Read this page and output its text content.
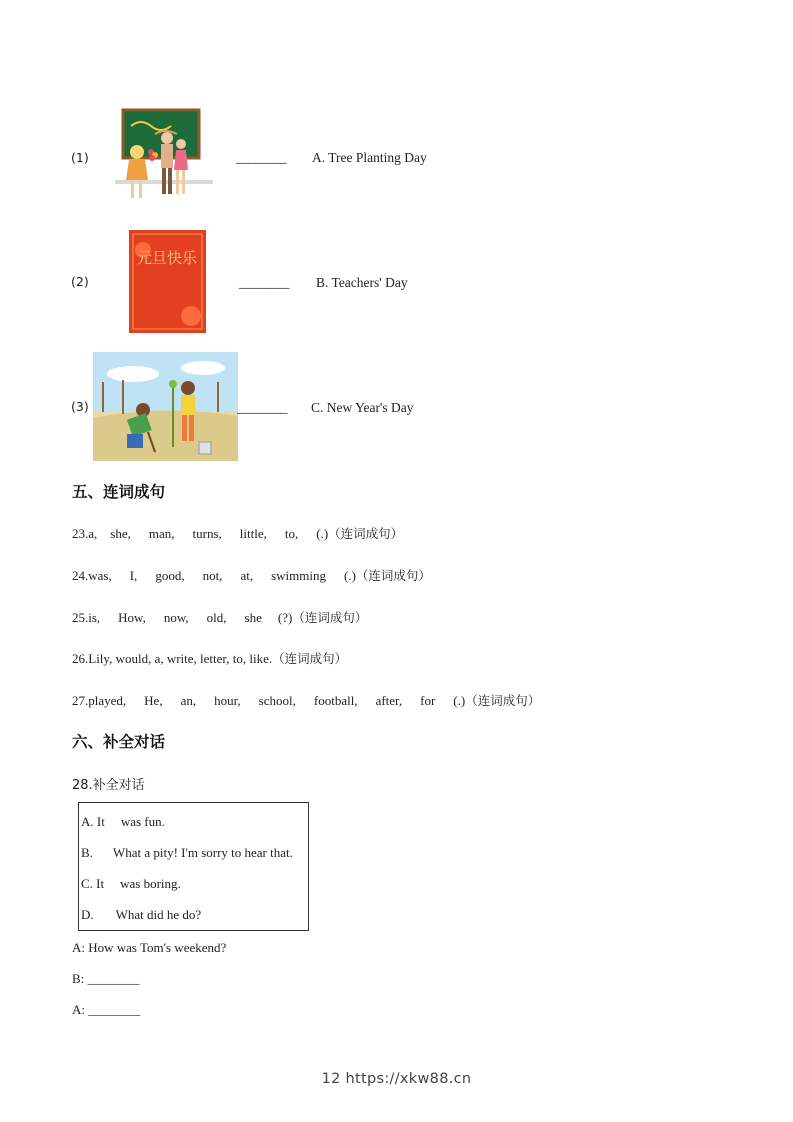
(1)	________ A. Tree Planting Day
(2)
元旦快乐
________ B. Teachers' Day
(3)	________ C. New Year's Day
五、连词成句
23.a, she, man, turns, little, to, (.)（连词成句）
24.was, I, good, not, at, swimming (.)（连词成句）
25.is, How, now, old, she (?)（连词成句）
26.Lily, would, a, write, letter, to, like.（连词成句）
27.played, He, an, hour, school, football, after, for (.)（连词成句）
六、补全对话
28.补全对话
A. It was fun.
B. What a pity! I'm sorry to hear that.
C. It was boring.
D. What did he do?
A: How was Tom's weekend?
B: ________
A: ________
12 https://xkw88.cn
